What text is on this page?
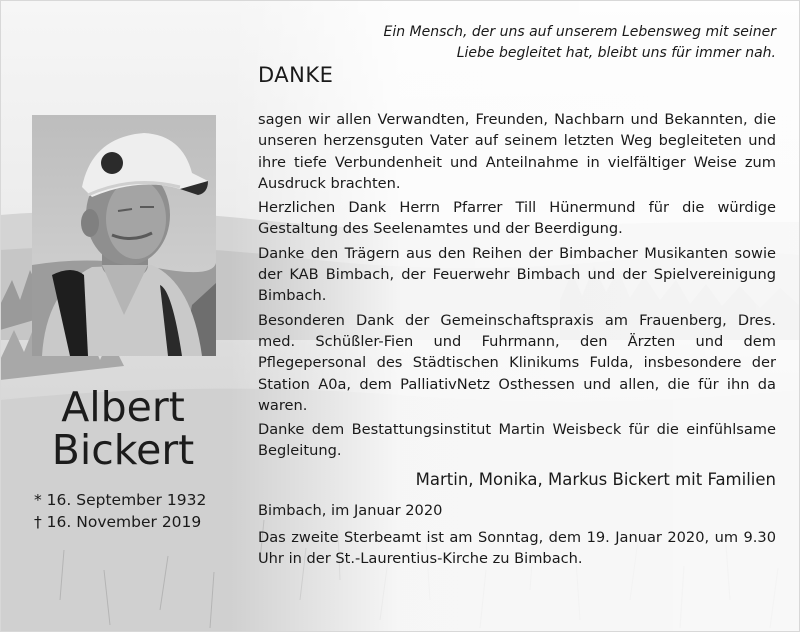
Albert
Bickert
* 16. September 1932
† 16. November 2019
Ein Mensch, der uns auf unserem Lebensweg mit seiner
Liebe begleitet hat, bleibt uns für immer nah.
DANKE

sagen wir allen Verwandten, Freunden, Nachbarn und Bekannten, die unseren herzensguten Vater auf seinem letzten Weg begleiteten und ihre tiefe Verbundenheit und Anteilnahme in vielfältiger Weise zum Ausdruck brachten.

Herzlichen Dank Herrn Pfarrer Till Hünermund für die würdige Gestaltung des Seelenamtes und der Beerdigung.

Danke den Trägern aus den Reihen der Bimbacher Musikanten sowie der KAB Bimbach, der Feuerwehr Bimbach und der Spielvereinigung Bimbach.

Besonderen Dank der Gemeinschaftspraxis am Frauenberg, Dres. med. Schüßler-Fien und Fuhrmann, den Ärzten und dem Pflegepersonal des Städtischen Klinikums Fulda, insbesondere der Station A0a, dem PalliativNetz Osthessen und allen, die für ihn da waren.

Danke dem Bestattungsinstitut Martin Weisbeck für die einfühlsame Begleitung.

Martin, Monika, Markus Bickert mit Familien
Bimbach, im Januar 2020

Das zweite Sterbeamt ist am Sonntag, dem 19. Januar 2020, um 9.30 Uhr in der St.-Laurentius-Kirche zu Bimbach.
